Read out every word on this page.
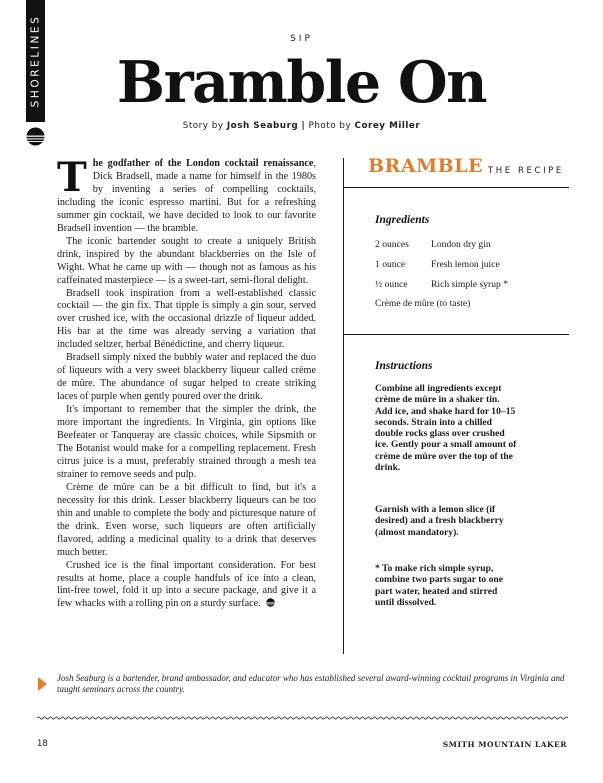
SHORELINES	SIP
Bramble On
Story by Josh Seaburg | Photo by Corey Miller

The godfather of the London cocktail renaissance, Dick Bradsell, made a name for himself in the 1980s by inventing a series of compelling cocktails, including the iconic espresso martini. But for a refreshing summer gin cocktail, we have decided to look to our favorite Bradsell invention — the bramble.

The iconic bartender sought to create a uniquely British drink, inspired by the abundant blackberries on the Isle of Wight. What he came up with — though not as famous as his caffeinated masterpiece — is a sweet-tart, semi-floral delight.

Bradsell took inspiration from a well-established classic cocktail — the gin fix. That tipple is simply a gin sour, served over crushed ice, with the occasional drizzle of liqueur added. His bar at the time was already serving a variation that included seltzer, herbal Bénédictine, and cherry liqueur.

Bradsell simply nixed the bubbly water and replaced the duo of liqueurs with a very sweet blackberry liqueur called crème de mûre. The abundance of sugar helped to create striking laces of purple when gently poured over the drink.

It's important to remember that the simpler the drink, the more important the ingredients. In Virginia, gin options like Beefeater or Tanqueray are classic choices, while Sipsmith or The Botanist would make for a compelling replacement. Fresh citrus juice is a must, preferably strained through a mesh tea strainer to remove seeds and pulp.

Crème de mûre can be a bit difficult to find, but it's a necessity for this drink. Lesser blackberry liqueurs can be too thin and unable to complete the body and picturesque nature of the drink. Even worse, such liqueurs are often artificially flavored, adding a medicinal quality to a drink that deserves much better.

Crushed ice is the final important consideration. For best results at home, place a couple handfuls of ice into a clean, lint-free towel, fold it up into a secure package, and give it a few whacks with a rolling pin on a sturdy surface.

BRAMBLE THE RECIPE
Ingredients
2 ounces London dry gin
1 ounce	Fresh lemon juice
½ ounce Rich simple syrup *
Crème de mûre (to taste)
Instructions
Combine all ingredients except crème de mûre in a shaker tin. Add ice, and shake hard for 10–15 seconds. Strain into a chilled double rocks glass over crushed ice. Gently pour a small amount of crème de mûre over the top of the drink.
Garnish with a lemon slice (if desired) and a fresh blackberry (almost mandatory).
* To make rich simple syrup, combine two parts sugar to one part water, heated and stirred until dissolved.
Josh Seaburg is a bartender, brand ambassador, and educator who has established several award-winning cocktail programs in Virginia and taught seminars across the country.
18	SMITH MOUNTAIN LAKER
